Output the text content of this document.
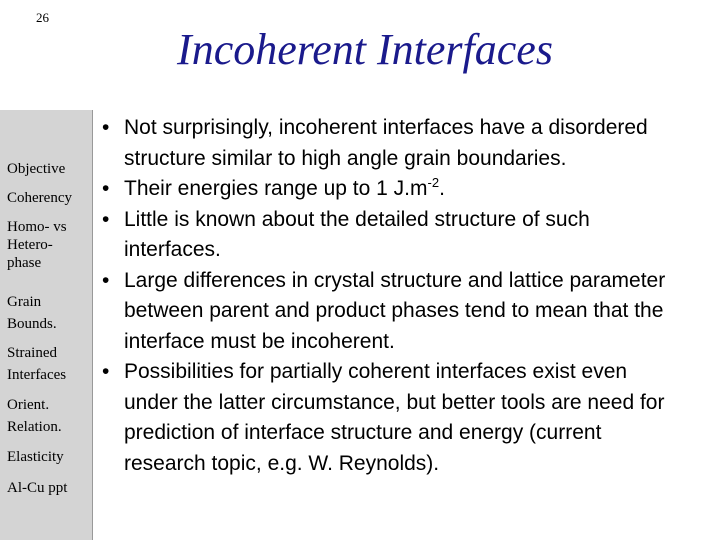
26
Incoherent Interfaces
Objective
Coherency
Homo- vs
Hetero-
phase
Grain
Bounds.
Strained
Interfaces
Orient.
Relation.
Elasticity
Al-Cu ppt
• Not surprisingly, incoherent interfaces have a disordered structure similar to high angle grain boundaries.
• Their energies range up to 1 $J.m^{-2}$.
• Little is known about the detailed structure of such interfaces.
• Large differences in crystal structure and lattice parameter between parent and product phases tend to mean that the interface must be incoherent.
• Possibilities for partially coherent interfaces exist even under the latter circumstance, but better tools are need for prediction of interface structure and energy (current research topic, e.g. W. Reynolds).
